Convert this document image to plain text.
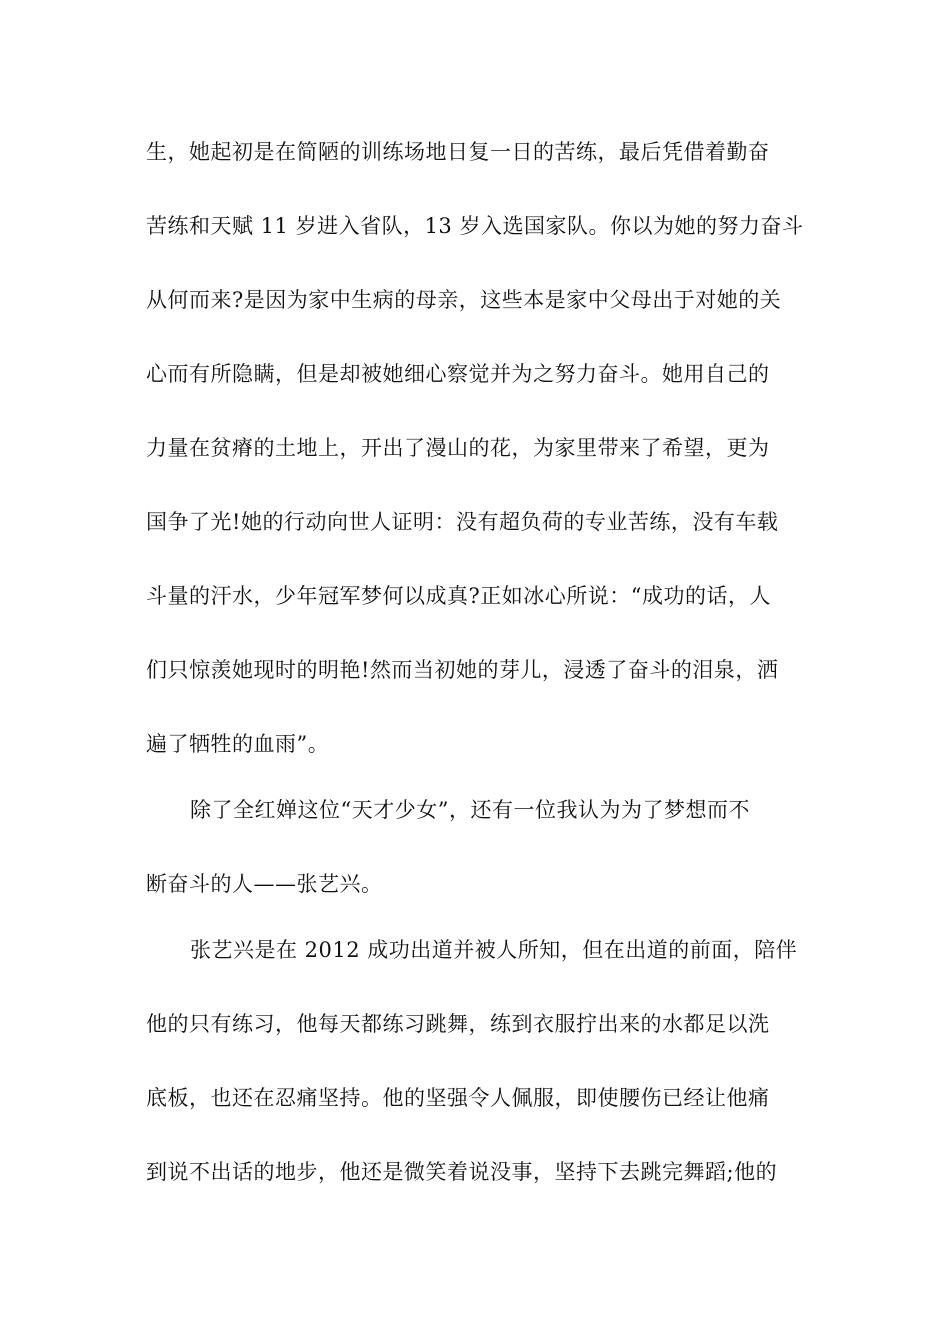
生，她起初是在简陋的训练场地日复一日的苦练，最后凭借着勤奋
苦练和天赋 11 岁进入省队，13 岁入选国家队。你以为她的努力奋斗
从何而来?是因为家中生病的母亲，这些本是家中父母出于对她的关
心而有所隐瞒，但是却被她细心察觉并为之努力奋斗。她用自己的
力量在贫瘠的土地上，开出了漫山的花，为家里带来了希望，更为
国争了光!她的行动向世人证明：没有超负荷的专业苦练，没有车载
斗量的汗水，少年冠军梦何以成真?正如冰心所说：“成功的话，人
们只惊羡她现时的明艳!然而当初她的芽儿，浸透了奋斗的泪泉，洒
遍了牺牲的血雨”。
除了全红婵这位“天才少女”，还有一位我认为为了梦想而不
断奋斗的人——张艺兴。
张艺兴是在 2012 成功出道并被人所知，但在出道的前面，陪伴
他的只有练习，他每天都练习跳舞，练到衣服拧出来的水都足以洗
底板，也还在忍痛坚持。他的坚强令人佩服，即使腰伤已经让他痛
到说不出话的地步，他还是微笑着说没事，坚持下去跳完舞蹈;他的
